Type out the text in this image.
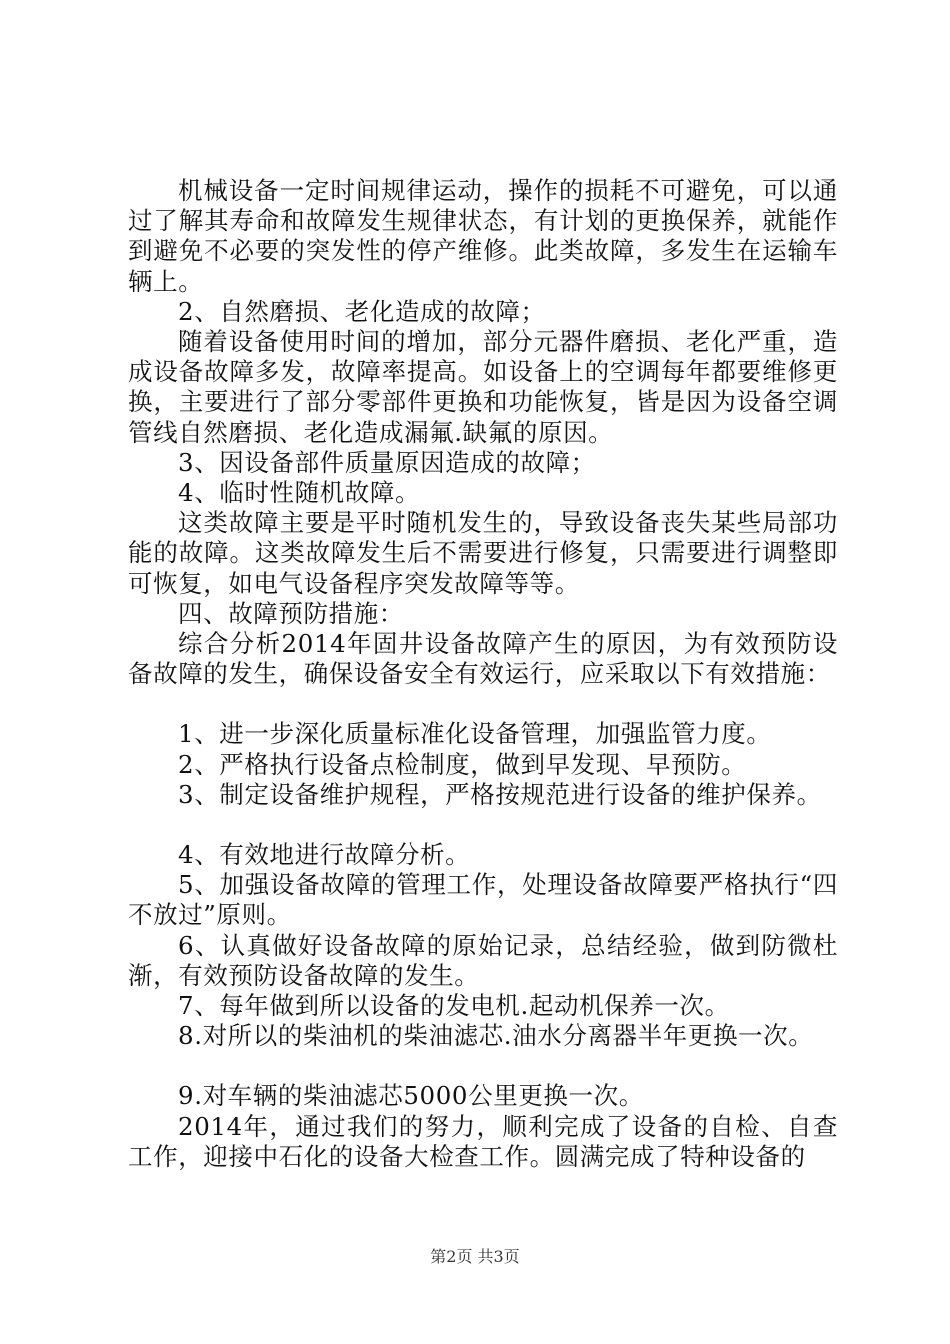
机械设备一定时间规律运动，操作的损耗不可避免，可以通过了解其寿命和故障发生规律状态，有计划的更换保养，就能作到避免不必要的突发性的停产维修。此类故障，多发生在运输车辆上。

2、自然磨损、老化造成的故障；

随着设备使用时间的增加，部分元器件磨损、老化严重，造成设备故障多发，故障率提高。如设备上的空调每年都要维修更换，主要进行了部分零部件更换和功能恢复，皆是因为设备空调管线自然磨损、老化造成漏氟.缺氟的原因。

3、因设备部件质量原因造成的故障；

4、临时性随机故障。

这类故障主要是平时随机发生的，导致设备丧失某些局部功能的故障。这类故障发生后不需要进行修复，只需要进行调整即可恢复，如电气设备程序突发故障等等。

四、故障预防措施：

综合分析2014年固井设备故障产生的原因，为有效预防设备故障的发生，确保设备安全有效运行，应采取以下有效措施：

1、进一步深化质量标准化设备管理，加强监管力度。

2、严格执行设备点检制度，做到早发现、早预防。

3、制定设备维护规程，严格按规范进行设备的维护保养。

4、有效地进行故障分析。

5、加强设备故障的管理工作，处理设备故障要严格执行“四不放过”原则。

6、认真做好设备故障的原始记录，总结经验，做到防微杜渐，有效预防设备故障的发生。

7、每年做到所以设备的发电机.起动机保养一次。

8.对所以的柴油机的柴油滤芯.油水分离器半年更换一次。

9.对车辆的柴油滤芯5000公里更换一次。

2014年，通过我们的努力，顺利完成了设备的自检、自查工作，迎接中石化的设备大检查工作。圆满完成了特种设备的

第2页 共3页
